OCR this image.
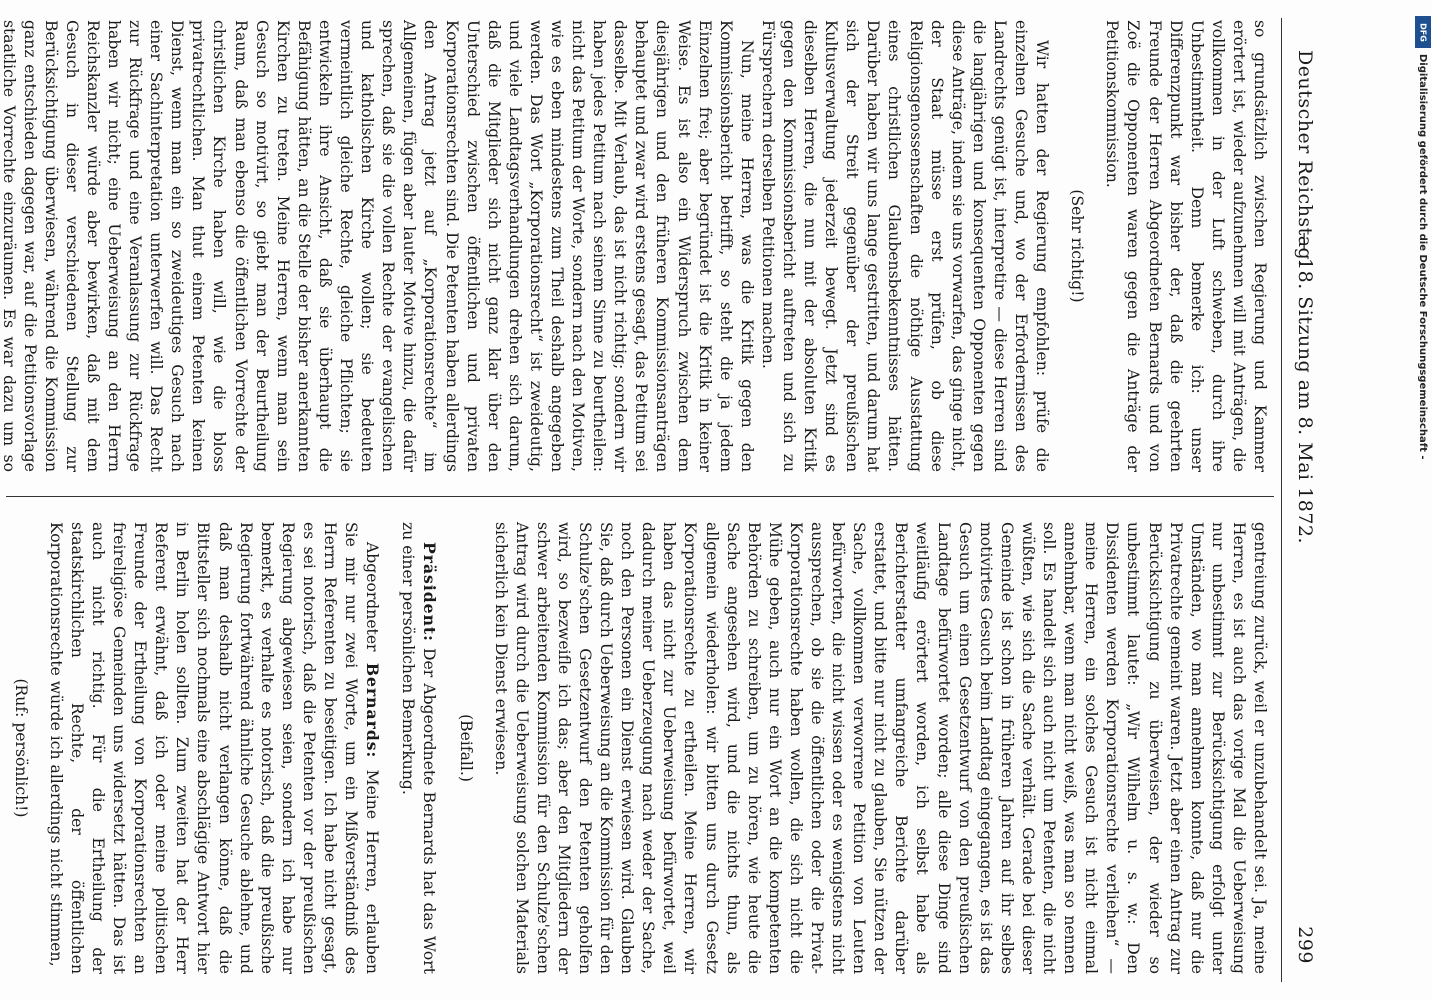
Deutscher Reichstag.
— 18. Sitzung am 8. Mai 1872.
299

so grundsätzlich zwischen Regierung und Kammer erörtert ist, wieder aufzunehmen will mit Anträgen, die vollkommen in der Luft schweben, durch ihre Unbestimmtheit. Denn bemerke ich: unser Differenzpunkt war bisher der, daß die geehrten Freunde der Herren Abgeordneten Bernards und von Zoë die Opponenten waren gegen die Anträge der Petitionskommission.

(Sehr richtig!)

Wir hatten der Regierung empfohlen: prüfe die einzelnen Gesuche und, wo der Erfordernissen des Landrechts genügt ist, interpretire — diese Herren sind die langjährigen und konsequenten Opponenten gegen diese Anträge, indem sie uns vorwarfen, das ginge nicht, der Staat müsse erst prüfen, ob diese Religionsgenossenschaften die nöthige Ausstattung eines christlichen Glaubensbekenntnisses hätten. Darüber haben wir uns lange gestritten, und darum hat sich der Streit gegenüber der preußischen Kultusverwaltung jederzeit bewegt. Jetzt sind es dieselben Herren, die nun mit der absoluten Kritik gegen den Kommissionsbericht auftreten und sich zu Fürsprechern derselben Petitionen machen.

Nun, meine Herren, was die Kritik gegen den Kommissionsbericht betrifft, so steht die ja jedem Einzelnen frei; aber begründet ist die Kritik in keiner Weise. Es ist also ein Widerspruch zwischen dem diesjährigen und den früheren Kommissionsanträgen behauptet und zwar wird erstens gesagt, das Petitum sei dasselbe. Mit Verlaub, das ist nicht richtig; sondern wir haben jedes Petitum nach seinem Sinne zu beurtheilen: nicht das Petitum der Worte, sondern nach den Motiven, wie es eben mindestens zum Theil deshalb angegeben werden. Das Wort „Korporationsrecht“ ist zweideutig, und viele Landtagsverhandlungen drehen sich darum, daß die Mitglieder sich nicht ganz klar über den Unterschied zwischen öffentlichen und privaten Korporationsrechten sind. Die Petenten haben allerdings den Antrag jetzt auf „Korporationsrechte“ im Allgemeinen, fügen aber lauter Motive hinzu, die dafür sprechen, daß sie die vollen Rechte der evangelischen und katholischen Kirche wollen; sie bedeuten vermeintlich gleiche Rechte, gleiche Pflichten; sie entwickeln ihre Ansicht, daß sie überhaupt die Befähigung hätten, an die Stelle der bisher anerkannten Kirchen zu treten. Meine Herren, wenn man sein Gesuch so motivirt, so giebt man der Beurtheilung Raum, daß man ebenso die öffentlichen Vorrechte der christlichen Kirche haben will, wie die bloss privatrechtlichen. Man thut einem Petenten keinen Dienst, wenn man ein so zweideutiges Gesuch nach einer Sachinterpretation unterwerfen will. Das Recht zur Rückfrage und eine Veranlassung zur Rückfrage haben wir nicht; eine Ueberweisung an den Herrn Reichskanzler würde aber bewirken, daß mit dem Gesuch in dieser verschiedenen Stellung zur Berücksichtigung überwiesen, während die Kommission ganz entschieden dagegen war, auf die Petitionsvorlage staatliche Vorrechte einzuräumen. Es war dazu um so

gentreiung zurück, weil er unzubehandelt sei. Ja, meine Herren, es ist auch das vorige Mal die Ueberweisung nur unbestimmt zur Berücksichtigung erfolgt unter Umständen, wo man annehmen konnte, daß nur die Privatrechte gemeint waren. Jetzt aber einen Antrag zur Berücksichtigung zu überweisen, der wieder so unbestimmt lautet: „Wir Wilhelm u. s. w.: Den Dissidenten werden Korporationsrechte verliehen“ — meine Herren, ein solches Gesuch ist nicht einmal annehmbar, wenn man nicht weiß, was man so nennen soll. Es handelt sich auch nicht um Petenten, die nicht wüßten, wie sich die Sache verhält. Gerade bei dieser Gemeinde ist schon in früheren Jahren auf ihr selbes motivirtes Gesuch beim Landtag eingegangen, es ist das Gesuch um einen Gesetzentwurf von den preußischen Landtage befürwortet worden; alle diese Dinge sind weitläufig erörtert worden, ich selbst habe als Berichterstatter umfangreiche Berichte darüber erstattet, und bitte nur nicht zu glauben, Sie nützen der Sache, vollkommen verworrene Petition von Leuten befürworten, die nicht wissen oder es wenigstens nicht aussprechen, ob sie die öffentlichen oder die Privat-Korporationsrechte haben wollen, die sich nicht die Mühe geben, auch nur ein Wort an die kompetenten Behörden zu schreiben, um zu hören, wie heute die Sache angesehen wird, und die nichts thun, als allgemein wiederholen: wir bitten uns durch Gesetz Korporationsrechte zu ertheilen. Meine Herren, wir haben das nicht zur Ueberweisung befürwortet, weil dadurch meiner Ueberzeugung nach weder der Sache, noch den Personen ein Dienst erwiesen wird. Glauben Sie, daß durch Ueberweisung an die Kommission für den Schulze'schen Gesetzentwurf den Petenten geholfen wird, so bezweifle ich das; aber den Mitgliedern der schwer arbeitenden Kommission für den Schulze'schen Antrag wird durch die Ueberweisung solchen Materials sicherlich kein Dienst erwiesen.

(Beifall.)

Präsident: Der Abgeordnete Bernards hat das Wort zu einer persönlichen Bemerkung.

Abgeordneter Bernards: Meine Herren, erlauben Sie mir nur zwei Worte, um ein Mißverständniß des Herrn Referenten zu beseitigen. Ich habe nicht gesagt, es sei notorisch, daß die Petenten vor der preußischen Regierung abgewiesen seien, sondern ich habe nur bemerkt, es verhalte es notorisch, daß die preußische Regierung fortwährend ähnliche Gesuche ablehne, und daß man deshalb nicht verlangen könne, daß die Bittsteller sich nochmals eine abschlägige Antwort hier in Berlin holen sollten. Zum zweiten hat der Herr Referent erwähnt, daß ich oder meine politischen Freunde der Ertheilung von Korporationsrechten an freireligiöse Gemeinden uns widersetzt hätten. Das ist auch nicht richtig. Für die Ertheilung der staatskirchlichen Rechte, der öffentlichen Korporationsrechte würde ich allerdings nicht stimmen,

(Ruf: persönlich!)

DFG
Digitalisierung gefördert durch die Deutsche Forschungsgemeinschaft -
